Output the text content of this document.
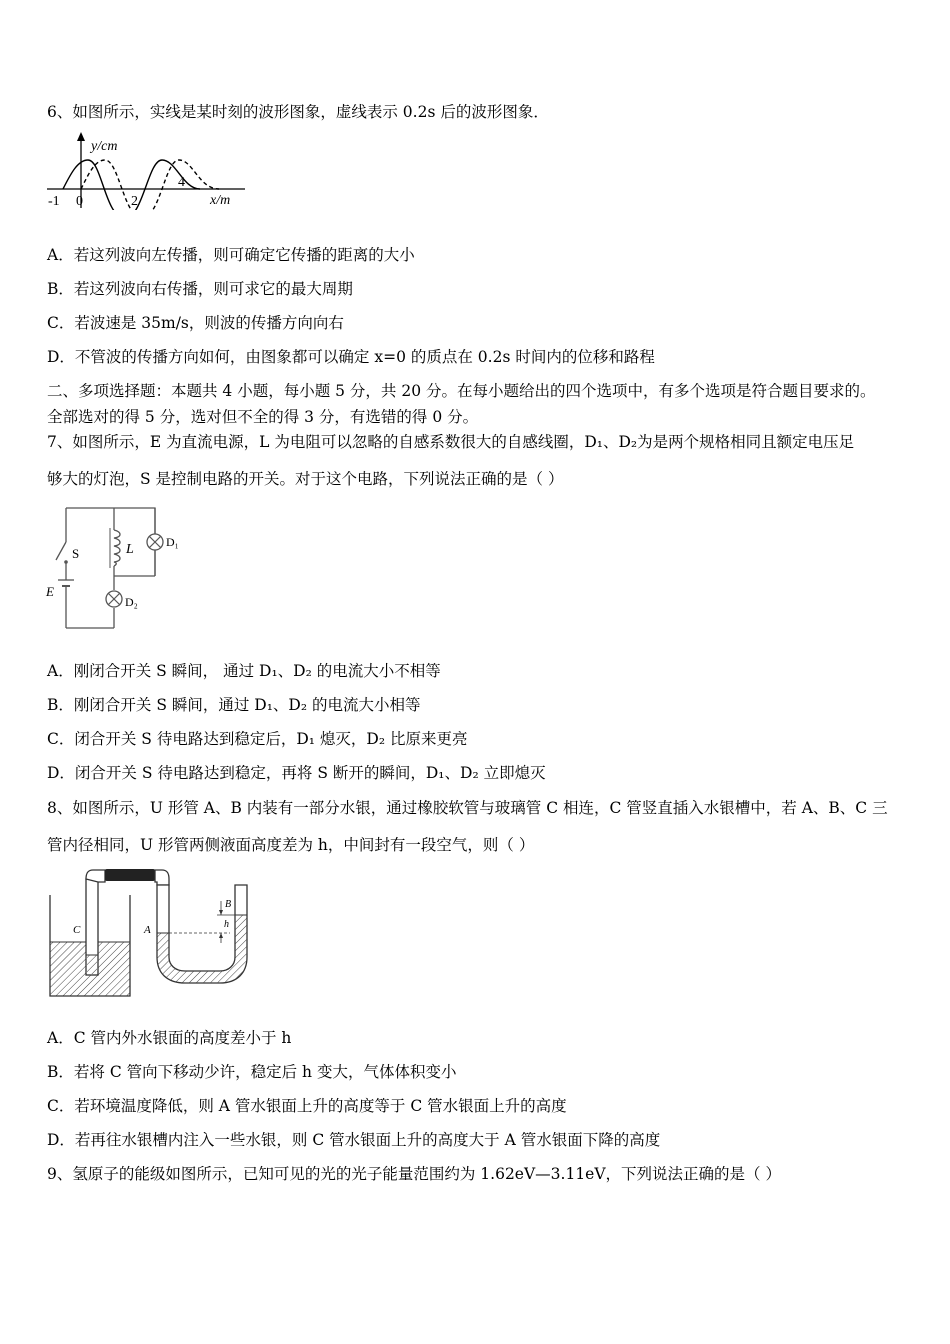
6、如图所示，实线是某时刻的波形图象，虚线表示 0.2s 后的波形图象．
y/cm
x/m
-1 0	2
4
A．若这列波向左传播，则可确定它传播的距离的大小
B．若这列波向右传播，则可求它的最大周期
C．若波速是 35m/s，则波的传播方向向右
D．不管波的传播方向如何，由图象都可以确定 x=0 的质点在 0.2s 时间内的位移和路程
二、多项选择题：本题共 4 小题，每小题 5 分，共 20 分。在每小题给出的四个选项中，有多个选项是符合题目要求的。
全部选对的得 5 分，选对但不全的得 3 分，有选错的得 0 分。
7、如图所示，E 为直流电源，L 为电阻可以忽略的自感系数很大的自感线圈，D₁、D₂为是两个规格相同且额定电压足
够大的灯泡，S 是控制电路的开关。对于这个电路，下列说法正确的是（ ）
S	L
E
D₁
D₂
A．刚闭合开关 S 瞬间， 通过 D₁、D₂ 的电流大小不相等
B．刚闭合开关 S 瞬间，通过 D₁、D₂ 的电流大小相等
C．闭合开关 S 待电路达到稳定后，D₁ 熄灭，D₂ 比原来更亮
D．闭合开关 S 待电路达到稳定，再将 S 断开的瞬间，D₁、D₂ 立即熄灭
8、如图所示，U 形管 A、B 内装有一部分水银，通过橡胶软管与玻璃管 C 相连，C 管竖直插入水银槽中，若 A、B、C 三
管内径相同，U 形管两侧液面高度差为 h，中间封有一段空气，则（ ）
C	A
B
h
A．C 管内外水银面的高度差小于 h
B．若将 C 管向下移动少许，稳定后 h 变大，气体体积变小
C．若环境温度降低，则 A 管水银面上升的高度等于 C 管水银面上升的高度
D．若再往水银槽内注入一些水银，则 C 管水银面上升的高度大于 A 管水银面下降的高度
9、氢原子的能级如图所示，已知可见的光的光子能量范围约为 1.62eV—3.11eV，下列说法正确的是（ ）
